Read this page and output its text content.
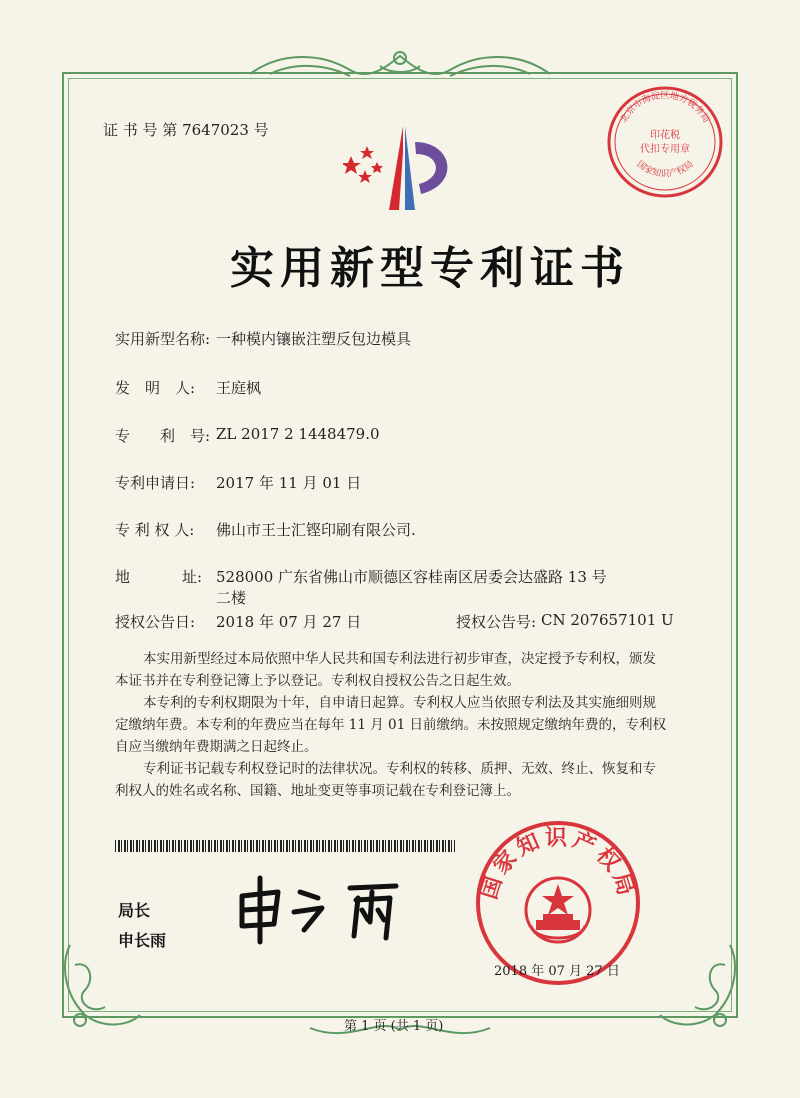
证 书 号 第 7647023 号
北京市海淀区地方税务局
印花税
代扣专用章
国家知识产权局
实用新型专利证书
实用新型名称: 一种模内镶嵌注塑反包边模具
发　明　人: 王庭枫
专　　利　号: ZL 2017 2 1448479.0
专利申请日: 2017 年 11 月 01 日
专 利 权 人: 佛山市王士汇铿印刷有限公司.
地	址: 528000 广东省佛山市顺德区容桂南区居委会达盛路 13 号
二楼
授权公告日: 2018 年 07 月 27 日	授权公告号: CN 207657101 U

本实用新型经过本局依照中华人民共和国专利法进行初步审查，决定授予专利权，颁发

本证书并在专利登记簿上予以登记。专利权自授权公告之日起生效。

本专利的专利权期限为十年，自申请日起算。专利权人应当依照专利法及其实施细则规

定缴纳年费。本专利的年费应当在每年 11 月 01 日前缴纳。未按照规定缴纳年费的，专利权

自应当缴纳年费期满之日起终止。

专利证书记载专利权登记时的法律状况。专利权的转移、质押、无效、终止、恢复和专

利权人的姓名或名称、国籍、地址变更等事项记载在专利登记簿上。

局长
申长雨
国家知识产权局
2018 年 07 月 27 日
第 1 页 (共 1 页)
